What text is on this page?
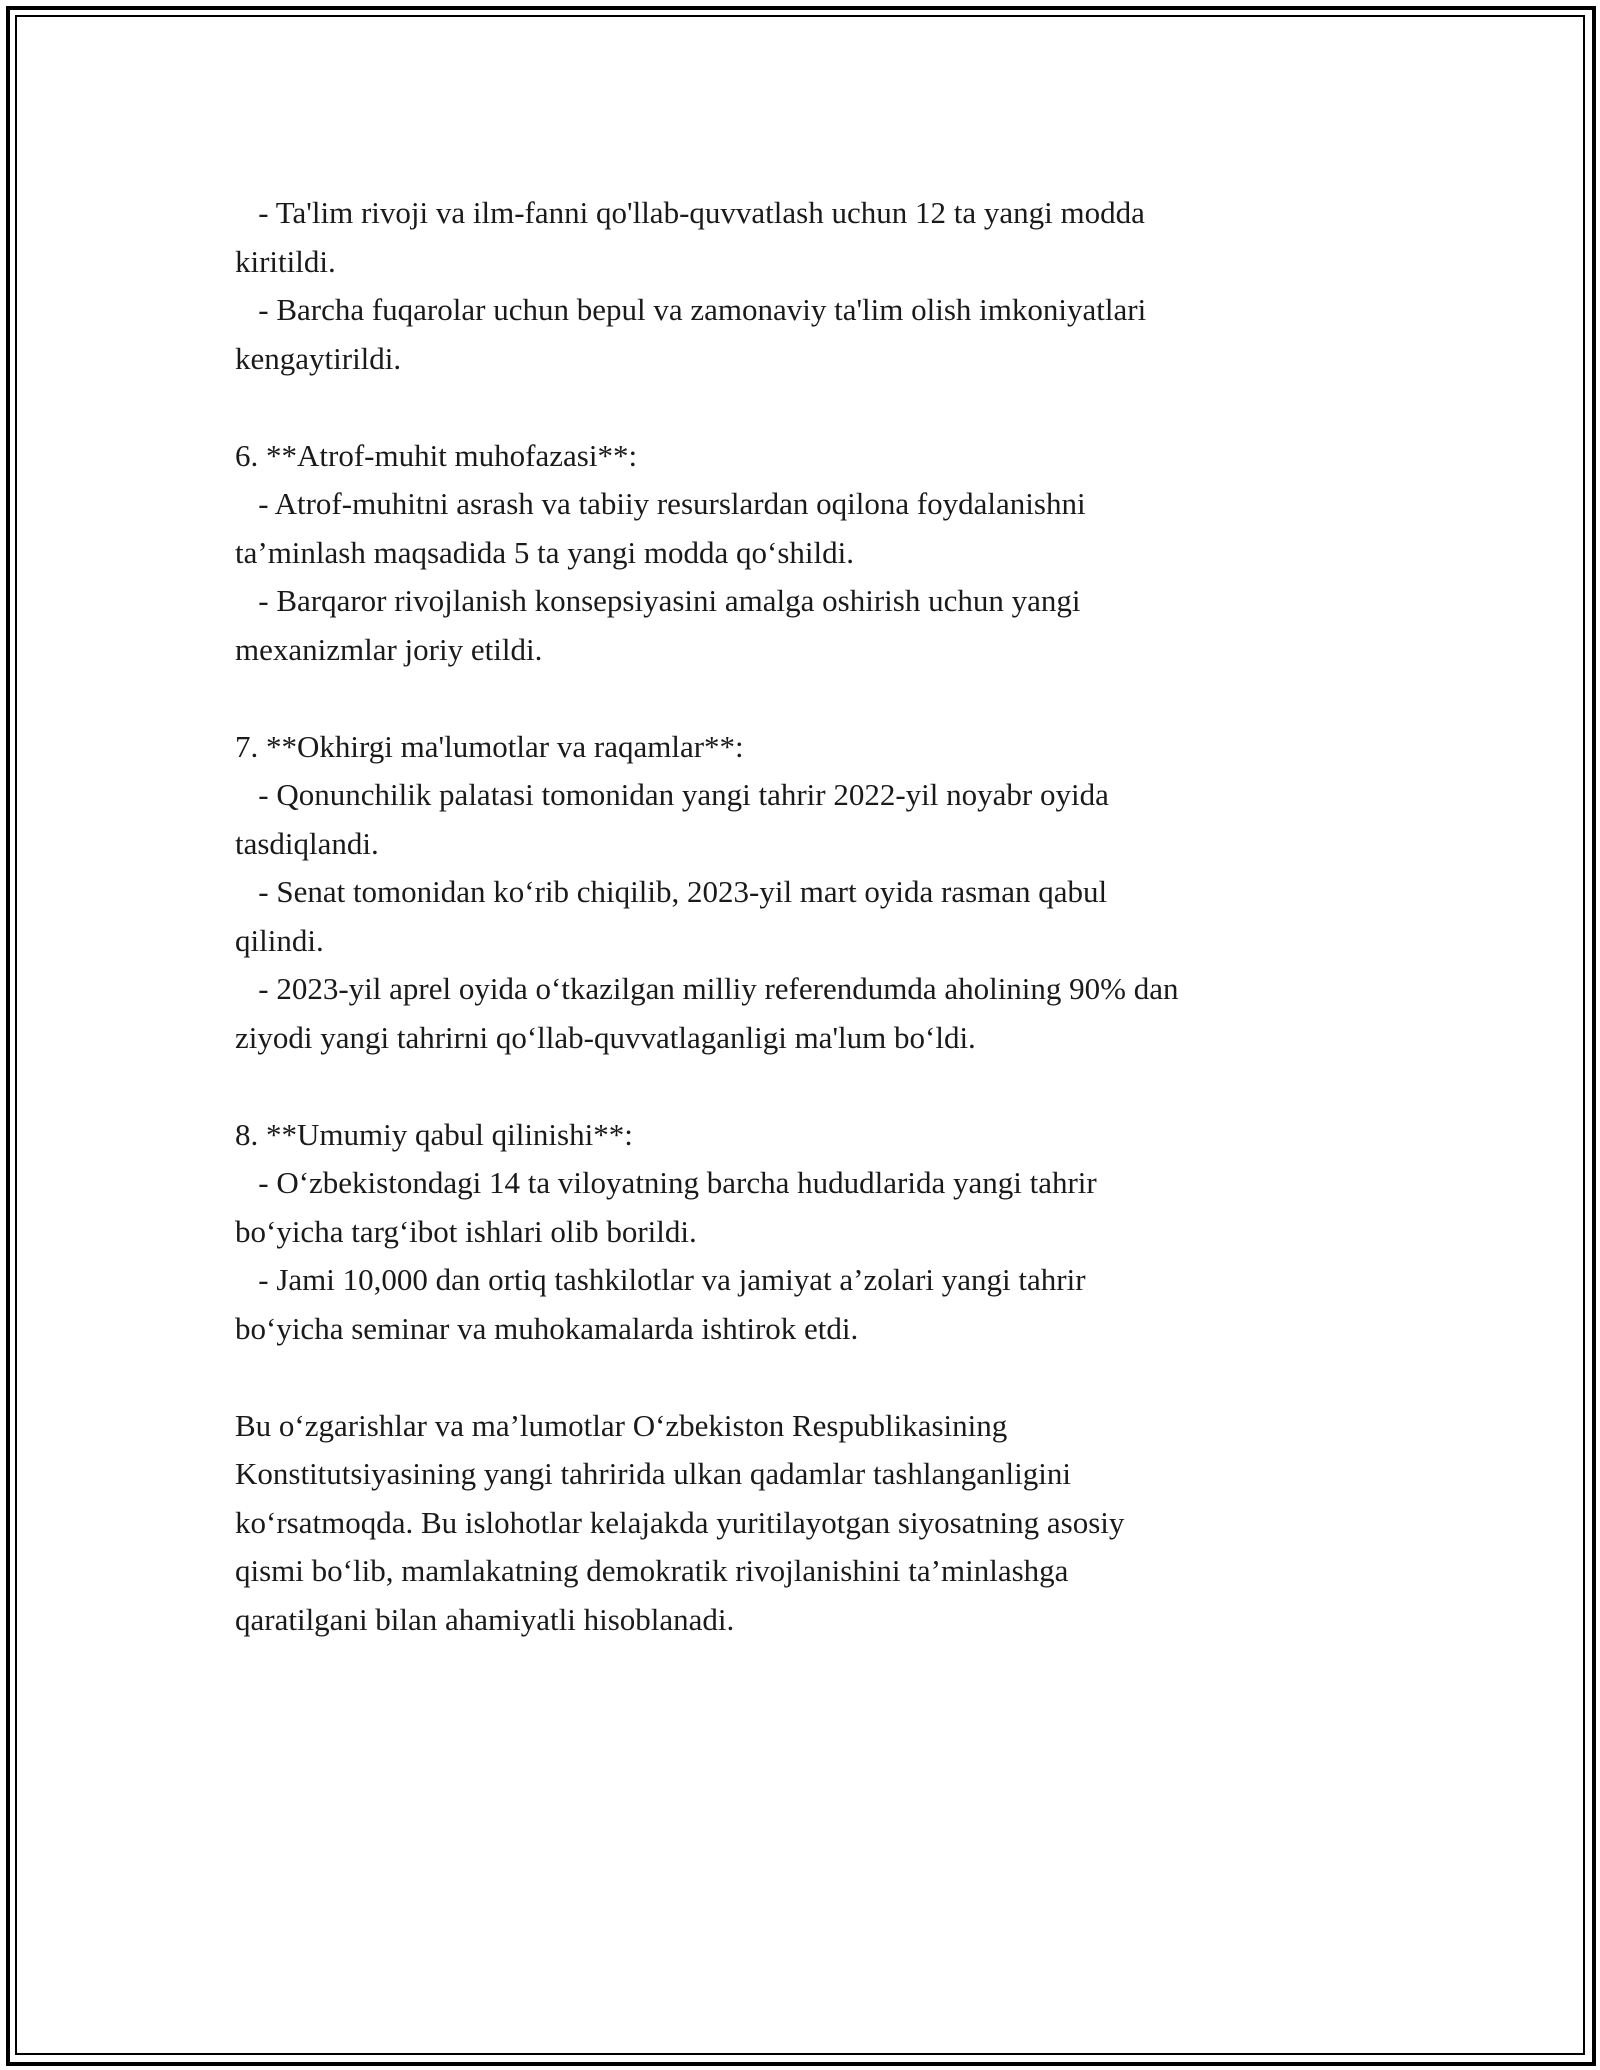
- Ta'lim rivoji va ilm-fanni qo'llab-quvvatlash uchun 12 ta yangi modda
kiritildi.
- Barcha fuqarolar uchun bepul va zamonaviy ta'lim olish imkoniyatlari
kengaytirildi.
6. **Atrof-muhit muhofazasi**:
- Atrof-muhitni asrash va tabiiy resurslardan oqilona foydalanishni
ta’minlash maqsadida 5 ta yangi modda qo‘shildi.
- Barqaror rivojlanish konsepsiyasini amalga oshirish uchun yangi
mexanizmlar joriy etildi.
7. **Okhirgi ma'lumotlar va raqamlar**:
- Qonunchilik palatasi tomonidan yangi tahrir 2022-yil noyabr oyida
tasdiqlandi.
- Senat tomonidan ko‘rib chiqilib, 2023-yil mart oyida rasman qabul
qilindi.
- 2023-yil aprel oyida o‘tkazilgan milliy referendumda aholining 90% dan
ziyodi yangi tahrirni qo‘llab-quvvatlaganligi ma'lum bo‘ldi.
8. **Umumiy qabul qilinishi**:
- O‘zbekistondagi 14 ta viloyatning barcha hududlarida yangi tahrir
bo‘yicha targ‘ibot ishlari olib borildi.
- Jami 10,000 dan ortiq tashkilotlar va jamiyat a’zolari yangi tahrir
bo‘yicha seminar va muhokamalarda ishtirok etdi.
Bu o‘zgarishlar va ma’lumotlar O‘zbekiston Respublikasining
Konstitutsiyasining yangi tahririda ulkan qadamlar tashlanganligini
ko‘rsatmoqda. Bu islohotlar kelajakda yuritilayotgan siyosatning asosiy
qismi bo‘lib, mamlakatning demokratik rivojlanishini ta’minlashga
qaratilgani bilan ahamiyatli hisoblanadi.
